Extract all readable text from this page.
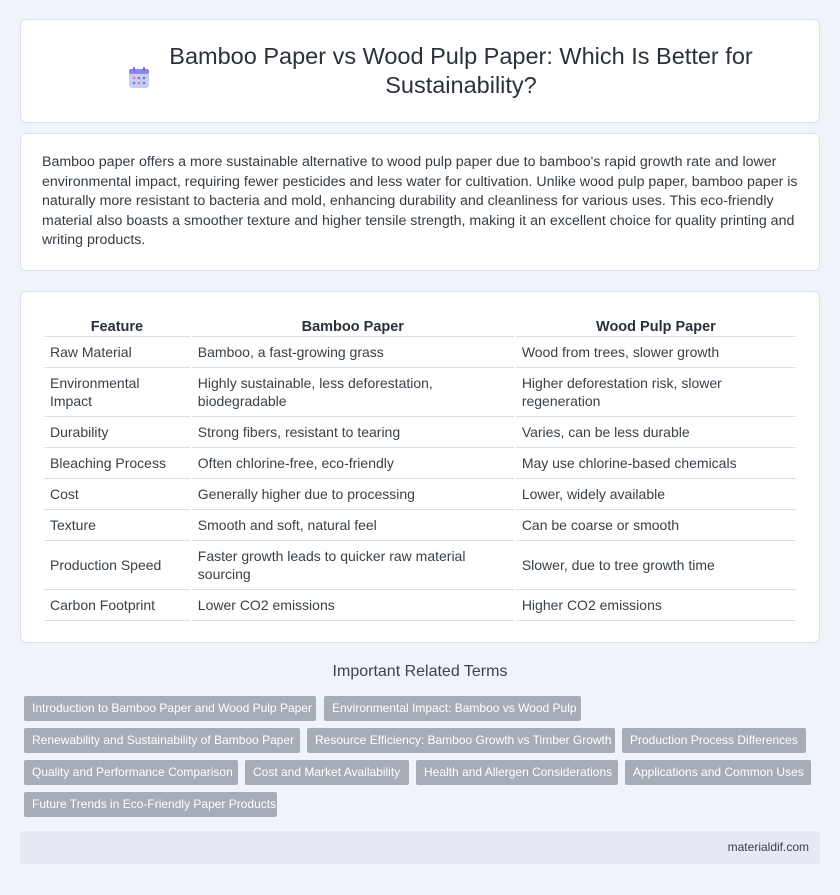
Bamboo Paper vs Wood Pulp Paper: Which Is Better for Sustainability?

Bamboo paper offers a more sustainable alternative to wood pulp paper due to bamboo's rapid growth rate and lower environmental impact, requiring fewer pesticides and less water for cultivation. Unlike wood pulp paper, bamboo paper is naturally more resistant to bacteria and mold, enhancing durability and cleanliness for various uses. This eco-friendly material also boasts a smoother texture and higher tensile strength, making it an excellent choice for quality printing and writing products.

Feature	Bamboo Paper	Wood Pulp Paper
Raw Material	Bamboo, a fast-growing grass	Wood from trees, slower growth
Environmental Impact	Highly sustainable, less deforestation, biodegradable	Higher deforestation risk, slower regeneration
Durability	Strong fibers, resistant to tearing	Varies, can be less durable
Bleaching Process	Often chlorine-free, eco-friendly	May use chlorine-based chemicals
Cost	Generally higher due to processing	Lower, widely available
Texture	Smooth and soft, natural feel	Can be coarse or smooth
Production Speed	Faster growth leads to quicker raw material sourcing	Slower, due to tree growth time
Carbon Footprint	Lower CO2 emissions	Higher CO2 emissions
Important Related Terms
Introduction to Bamboo Paper and Wood Pulp Paper	Environmental Impact: Bamboo vs Wood Pulp
Renewability and Sustainability of Bamboo Paper	Resource Efficiency: Bamboo Growth vs Timber Growth	Production Process Differences
Quality and Performance Comparison	Cost and Market Availability	Health and Allergen Considerations	Applications and Common Uses
Future Trends in Eco-Friendly Paper Products
materialdif.com
